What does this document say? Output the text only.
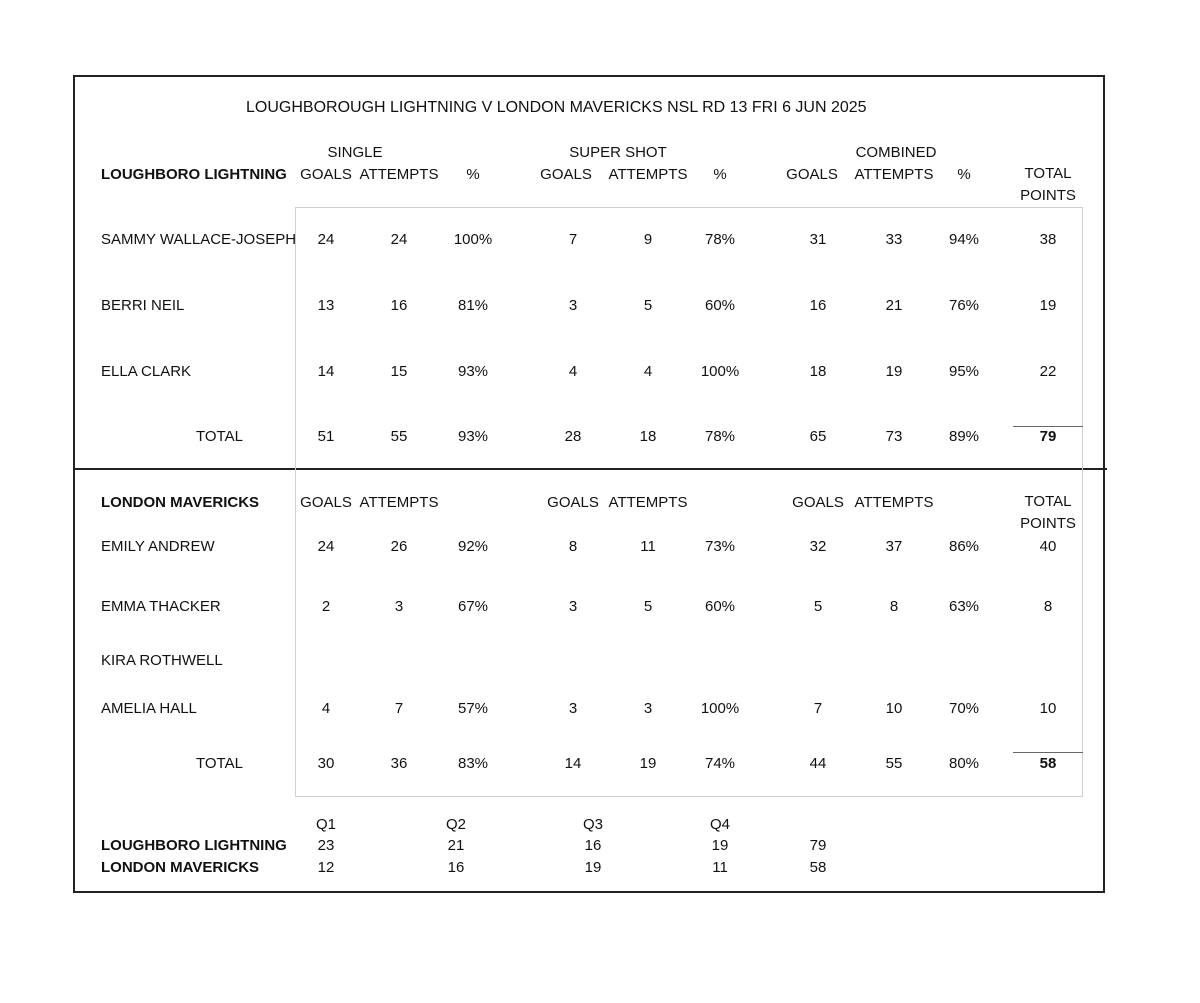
LOUGHBOROUGH LIGHTNING V LONDON MAVERICKS NSL RD 13 FRI 6 JUN 2025
SINGLE	SUPER SHOT	COMBINED
LOUGHBORO LIGHTNING GOALS ATTEMPTS %	GOALS ATTEMPTS %	GOALS ATTEMPTS %	TOTAL
POINTS
SAMMY WALLACE-JOSEPH 24	24	100%	7	9	78%	31	33	94%	38
BERRI NEIL	13	16	81%	3	5	60%	16	21	76%	19
ELLA CLARK	14	15	93%	4	4	100%	18	19	95%	22
TOTAL	51	55	93%	28	18	78%	65	73	89%	79
LONDON MAVERICKS	GOALS ATTEMPTS	GOALS ATTEMPTS	GOALS ATTEMPTS	TOTAL
POINTS
EMILY ANDREW	24	26	92%	8	11	73%	32	37	86%	40
EMMA THACKER	2	3	67%	3	5	60%	5	8	63%	8
KIRA ROTHWELL
AMELIA HALL	4	7	57%	3	3	100%	7	10	70%	10
TOTAL	30	36	83%	14	19	74%	44	55	80%	58
Q1	Q2	Q3	Q4
LOUGHBORO LIGHTNING 23	21	16	19	79
LONDON MAVERICKS	12	16	19	11	58
